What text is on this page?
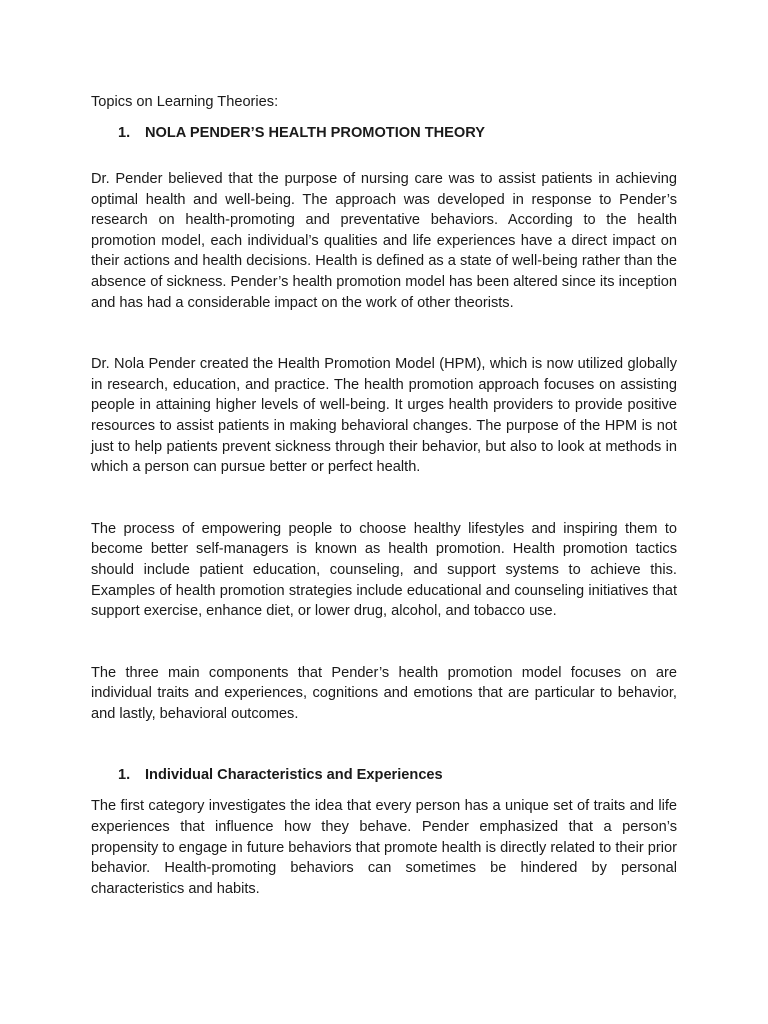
Topics on Learning Theories:

1.	NOLA PENDER’S HEALTH PROMOTION THEORY

Dr. Pender believed that the purpose of nursing care was to assist patients in achieving optimal health and well-being. The approach was developed in response to Pender’s research on health-promoting and preventative behaviors. According to the health promotion model, each individual’s qualities and life experiences have a direct impact on their actions and health decisions. Health is defined as a state of well-being rather than the absence of sickness. Pender’s health promotion model has been altered since its inception and has had a considerable impact on the work of other theorists.

Dr. Nola Pender created the Health Promotion Model (HPM), which is now utilized globally in research, education, and practice. The health promotion approach focuses on assisting people in attaining higher levels of well-being. It urges health providers to provide positive resources to assist patients in making behavioral changes. The purpose of the HPM is not just to help patients prevent sickness through their behavior, but also to look at methods in which a person can pursue better or perfect health.

The process of empowering people to choose healthy lifestyles and inspiring them to become better self-managers is known as health promotion. Health promotion tactics should include patient education, counseling, and support systems to achieve this. Examples of health promotion strategies include educational and counseling initiatives that support exercise, enhance diet, or lower drug, alcohol, and tobacco use.

The three main components that Pender’s health promotion model focuses on are individual traits and experiences, cognitions and emotions that are particular to behavior, and lastly, behavioral outcomes.

1.	Individual Characteristics and Experiences

The first category investigates the idea that every person has a unique set of traits and life experiences that influence how they behave. Pender emphasized that a person’s propensity to engage in future behaviors that promote health is directly related to their prior behavior. Health-promoting behaviors can sometimes be hindered by personal characteristics and habits.
